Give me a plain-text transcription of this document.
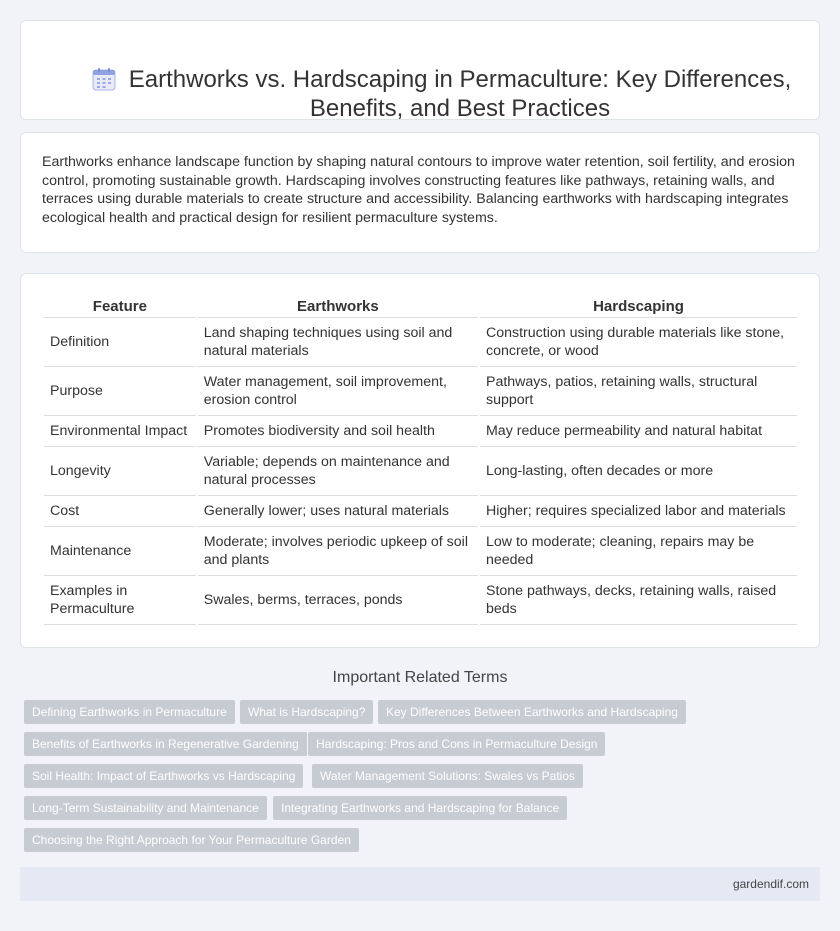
Earthworks vs. Hardscaping in Permaculture: Key Differences, Benefits, and Best Practices

Earthworks enhance landscape function by shaping natural contours to improve water retention, soil fertility, and erosion control, promoting sustainable growth. Hardscaping involves constructing features like pathways, retaining walls, and terraces using durable materials to create structure and accessibility. Balancing earthworks with hardscaping integrates ecological health and practical design for resilient permaculture systems.

Feature	Earthworks	Hardscaping
Definition	Land shaping techniques using soil and natural materials	Construction using durable materials like stone, concrete, or wood
Purpose	Water management, soil improvement, erosion control	Pathways, patios, retaining walls, structural support
Environmental Impact	Promotes biodiversity and soil health	May reduce permeability and natural habitat
Longevity	Variable; depends on maintenance and natural processes	Long-lasting, often decades or more
Cost	Generally lower; uses natural materials	Higher; requires specialized labor and materials
Maintenance	Moderate; involves periodic upkeep of soil and plants	Low to moderate; cleaning, repairs may be needed
Examples in Permaculture	Swales, berms, terraces, ponds	Stone pathways, decks, retaining walls, raised beds
Important Related Terms
Defining Earthworks in Permaculture	What is Hardscaping?	Key Differences Between Earthworks and Hardscaping
Benefits of Earthworks in Regenerative Gardening	Hardscaping: Pros and Cons in Permaculture Design
Soil Health: Impact of Earthworks vs Hardscaping	Water Management Solutions: Swales vs Patios
Long-Term Sustainability and Maintenance	Integrating Earthworks and Hardscaping for Balance
Choosing the Right Approach for Your Permaculture Garden
gardendif.com
